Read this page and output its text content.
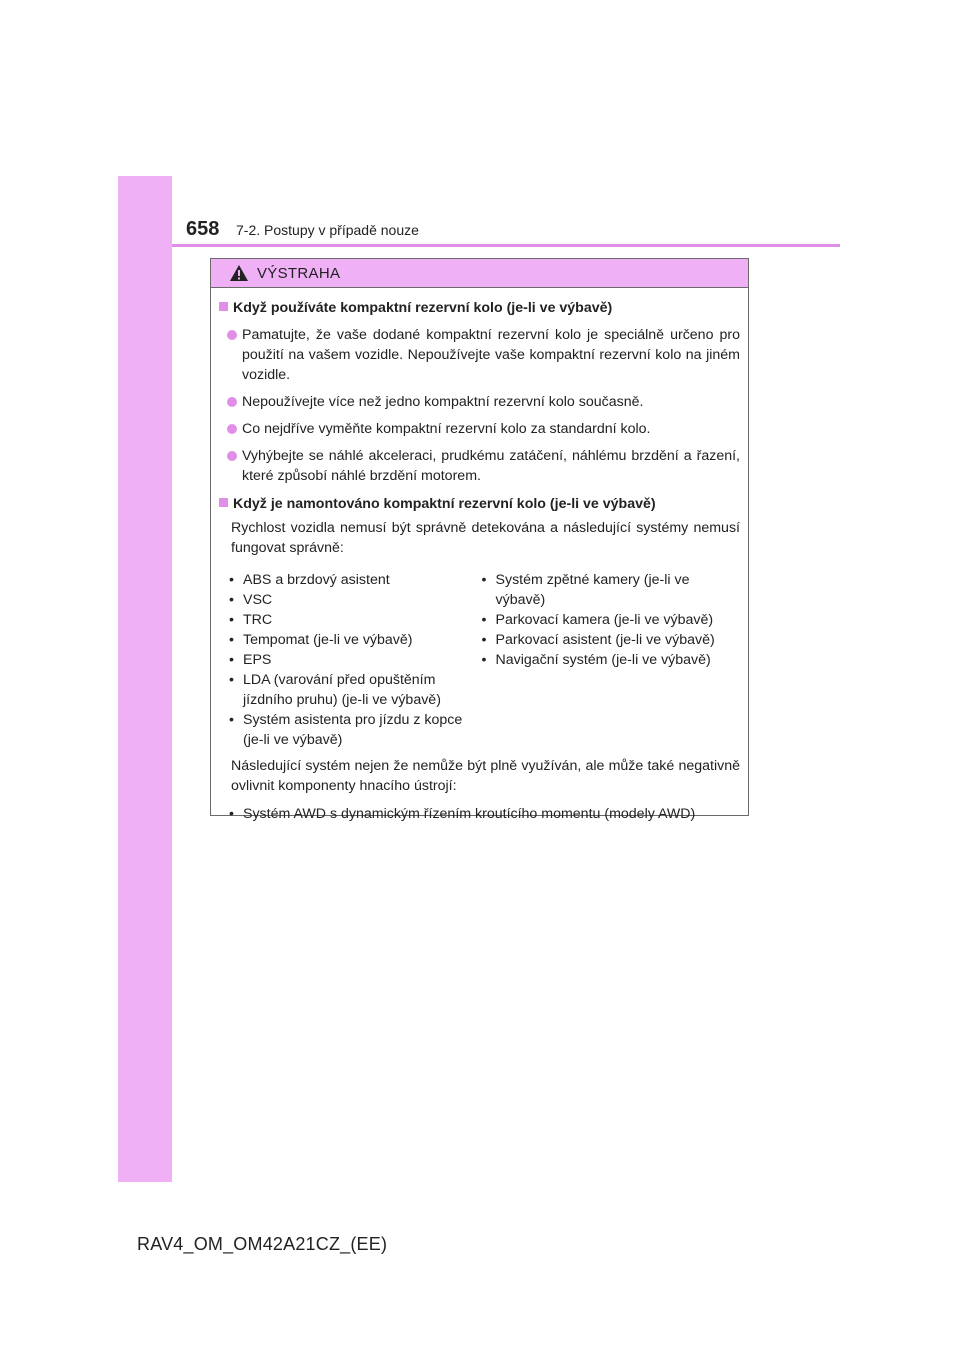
658 7-2. Postupy v případě nouze
VÝSTRAHA
Když používáte kompaktní rezervní kolo (je-li ve výbavě)
Pamatujte, že vaše dodané kompaktní rezervní kolo je speciálně určeno pro použití na vašem vozidle. Nepoužívejte vaše kompaktní rezervní kolo na jiném vozidle.
Nepoužívejte více než jedno kompaktní rezervní kolo současně.
Co nejdříve vyměňte kompaktní rezervní kolo za standardní kolo.
Vyhýbejte se náhlé akceleraci, prudkému zatáčení, náhlému brzdění a řazení, které způsobí náhlé brzdění motorem.
Když je namontováno kompaktní rezervní kolo (je-li ve výbavě)
Rychlost vozidla nemusí být správně detekována a následující systémy nemusí fungovat správně:
• ABS a brzdový asistent
• VSC
• TRC
• Tempomat (je-li ve výbavě)
• EPS
• LDA (varování před opuštěním jízdního pruhu) (je-li ve výbavě)
• Systém asistenta pro jízdu z kopce (je-li ve výbavě)
• Systém zpětné kamery (je-li ve výbavě)
• Parkovací kamera (je-li ve výbavě)
• Parkovací asistent (je-li ve výbavě)
• Navigační systém (je-li ve výbavě)
Následující systém nejen že nemůže být plně využíván, ale může také negativně ovlivnit komponenty hnacího ústrojí:
• Systém AWD s dynamickým řízením kroutícího momentu (modely AWD)
RAV4_OM_OM42A21CZ_(EE)
